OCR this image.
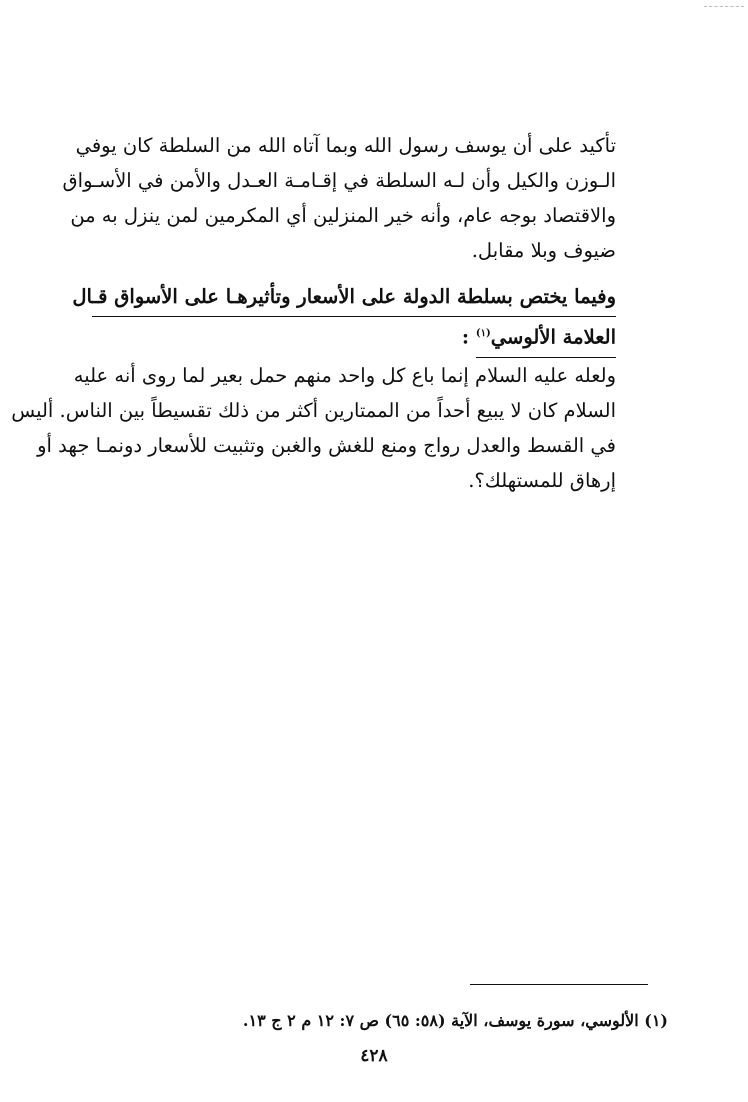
تأكيد على أن يوسف رسول الله وبما آتاه الله من السلطة كان يوفي

الـوزن والكيل وأن لـه السلطة في إقـامـة العـدل والأمن في الأسـواق

والاقتصاد بوجه عام، وأنه خير المنزلين أي المكرمين لمن ينزل به من

ضيوف وبلا مقابل.

وفيما يختص بسلطة الدولة على الأسعار وتأثيرهـا على الأسواق قـال

العلامة الألوسي$^{(١)}$ :

ولعله عليه السلام إنما باع كل واحد منهم حمل بعير لما روى أنه عليه

السلام كان لا يبيع أحداً من الممتارين أكثر من ذلك تقسيطاً بين الناس. أليس

في القسط والعدل رواج ومنع للغش والغبن وتثبيت للأسعار دونمـا جهد أو

إرهاق للمستهلك؟.

(١) الألوسي، سورة يوسف، الآية (٥٨: ٦٥) ص ٧: ١٢ م ٢ ج ١٣.
٤٢٨
